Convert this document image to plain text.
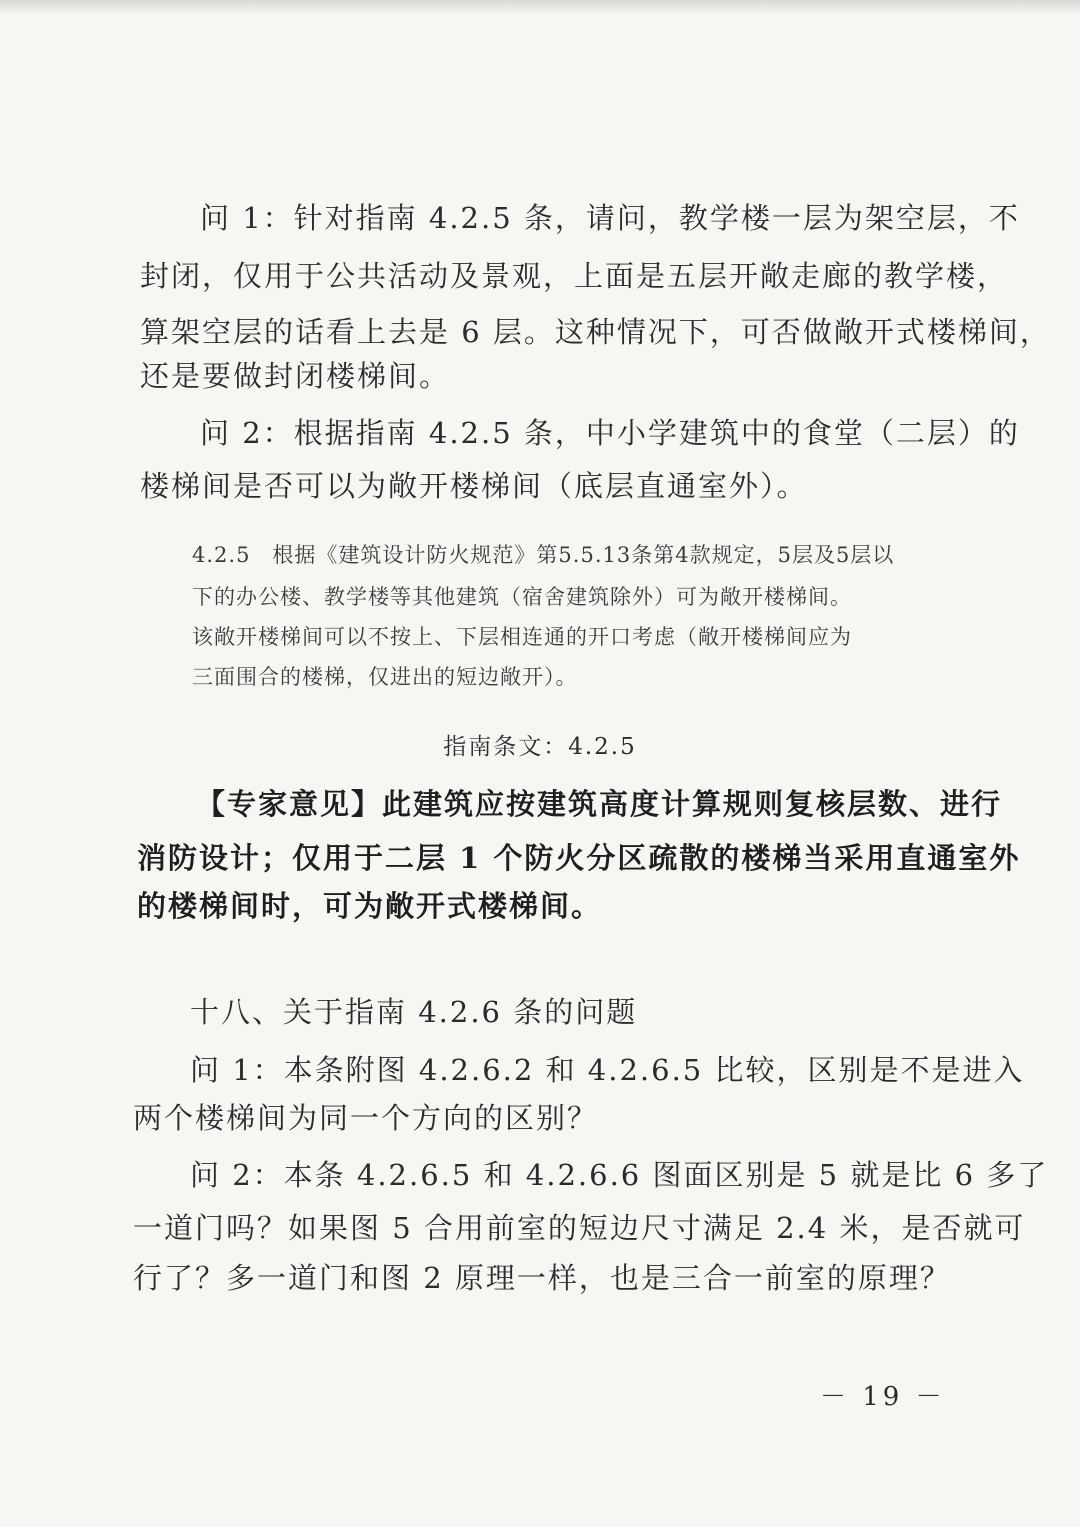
问 1：针对指南 4.2.5 条，请问，教学楼一层为架空层，不
封闭，仅用于公共活动及景观，上面是五层开敞走廊的教学楼，
算架空层的话看上去是 6 层。这种情况下，可否做敞开式楼梯间，
还是要做封闭楼梯间。
问 2：根据指南 4.2.5 条，中小学建筑中的食堂（二层）的
楼梯间是否可以为敞开楼梯间（底层直通室外）。
4.2.5　根据《建筑设计防火规范》第5.5.13条第4款规定，5层及5层以
下的办公楼、教学楼等其他建筑（宿舍建筑除外）可为敞开楼梯间。
该敞开楼梯间可以不按上、下层相连通的开口考虑（敞开楼梯间应为
三面围合的楼梯，仅进出的短边敞开）。
指南条文：4.2.5
【专家意见】此建筑应按建筑高度计算规则复核层数、进行
消防设计；仅用于二层 1 个防火分区疏散的楼梯当采用直通室外
的楼梯间时，可为敞开式楼梯间。
十八、关于指南 4.2.6 条的问题
问 1：本条附图 4.2.6.2 和 4.2.6.5 比较，区别是不是进入
两个楼梯间为同一个方向的区别？
问 2：本条 4.2.6.5 和 4.2.6.6 图面区别是 5 就是比 6 多了
一道门吗？如果图 5 合用前室的短边尺寸满足 2.4 米，是否就可
行了？多一道门和图 2 原理一样，也是三合一前室的原理？
－ 19 －
